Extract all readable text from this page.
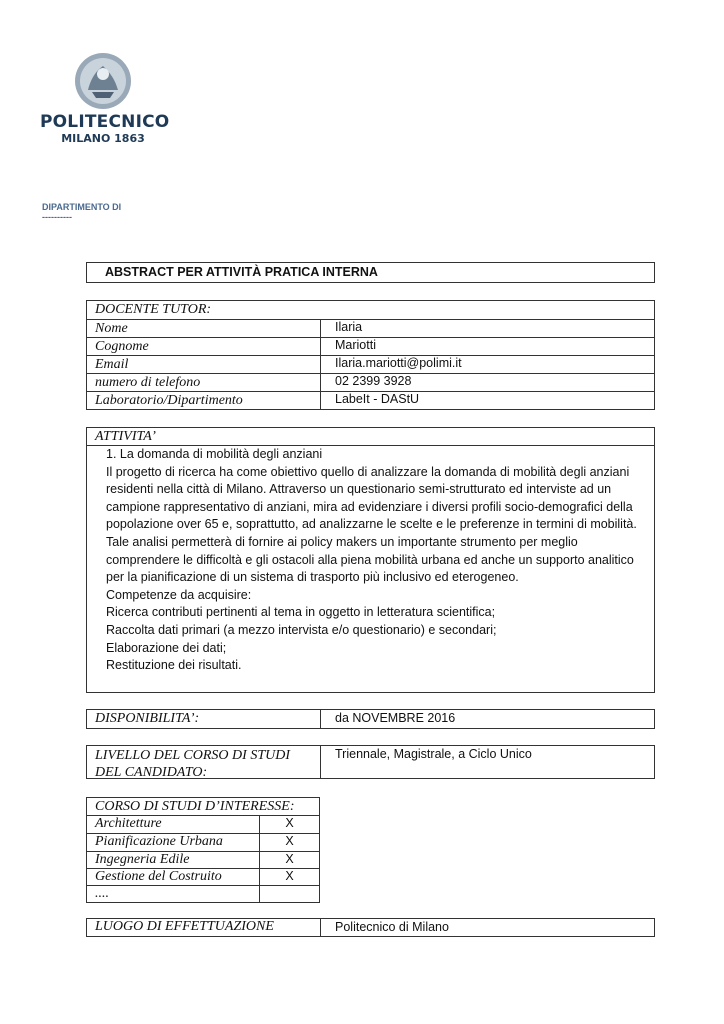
POLITECNICO
MILANO 1863
DIPARTIMENTO DI
----------
ABSTRACT PER ATTIVITÀ PRATICA INTERNA
DOCENTE TUTOR:
Nome	Ilaria
Cognome	Mariotti
Email	Ilaria.mariotti@polimi.it
numero di telefono	02 2399 3928
Laboratorio/Dipartimento	LabeIt - DAStU
ATTIVITA’
1. La domanda di mobilità degli anziani

Il progetto di ricerca ha come obiettivo quello di analizzare la domanda di mobilità degli anziani residenti nella città di Milano. Attraverso un questionario semi-strutturato ed interviste ad un campione rappresentativo di anziani, mira ad evidenziare i diversi profili socio-demografici della popolazione over 65 e, soprattutto, ad analizzarne le scelte e le preferenze in termini di mobilità. Tale analisi permetterà di fornire ai policy makers un importante strumento per meglio comprendere le difficoltà e gli ostacoli alla piena mobilità urbana ed anche un supporto analitico per la pianificazione di un sistema di trasporto più inclusivo ed eterogeneo.

Competenze da acquisire:

Ricerca contributi pertinenti al tema in oggetto in letteratura scientifica;

Raccolta dati primari (a mezzo intervista e/o questionario) e secondari;

Elaborazione dei dati;

Restituzione dei risultati.

DISPONIBILITA’:	da NOVEMBRE 2016
LIVELLO DEL CORSO DI STUDI DEL CANDIDATO:
Triennale, Magistrale, a Ciclo Unico
CORSO DI STUDI D’INTERESSE:
Architetture	X
Pianificazione Urbana	X
Ingegneria Edile	X
Gestione del Costruito	X
....
LUOGO DI EFFETTUAZIONE	Politecnico di Milano
